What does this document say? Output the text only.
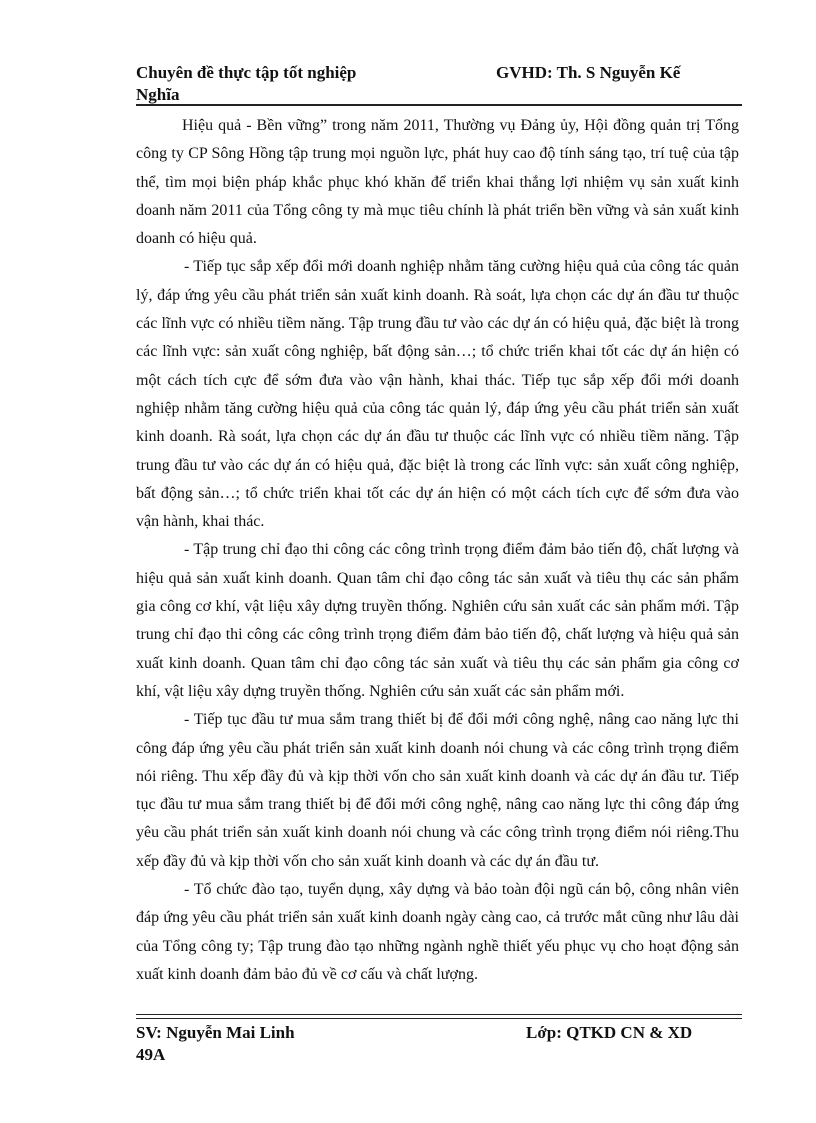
Chuyên đề thực tập tốt nghiệp	GVHD: Th. S Nguyễn Kế
Nghĩa

Hiệu quả - Bền vững” trong năm 2011, Thường vụ Đảng ủy, Hội đồng quản trị Tổng công ty CP Sông Hồng tập trung mọi nguồn lực, phát huy cao độ tính sáng tạo, trí tuệ của tập thể, tìm mọi biện pháp khắc phục khó khăn để triển khai thắng lợi nhiệm vụ sản xuất kinh doanh năm 2011 của Tổng công ty mà mục tiêu chính là phát triển bền vững và sản xuất kinh doanh có hiệu quả.

- Tiếp tục sắp xếp đổi mới doanh nghiệp nhằm tăng cường hiệu quả của công tác quản lý, đáp ứng yêu cầu phát triển sản xuất kinh doanh. Rà soát, lựa chọn các dự án đầu tư thuộc các lĩnh vực có nhiều tiềm năng. Tập trung đầu tư vào các dự án có hiệu quả, đặc biệt là trong các lĩnh vực: sản xuất công nghiệp, bất động sản…; tổ chức triển khai tốt các dự án hiện có một cách tích cực để sớm đưa vào vận hành, khai thác. Tiếp tục sắp xếp đổi mới doanh nghiệp nhằm tăng cường hiệu quả của công tác quản lý, đáp ứng yêu cầu phát triển sản xuất kinh doanh. Rà soát, lựa chọn các dự án đầu tư thuộc các lĩnh vực có nhiều tiềm năng. Tập trung đầu tư vào các dự án có hiệu quả, đặc biệt là trong các lĩnh vực: sản xuất công nghiệp, bất động sản…; tổ chức triển khai tốt các dự án hiện có một cách tích cực để sớm đưa vào vận hành, khai thác.

- Tập trung chỉ đạo thi công các công trình trọng điểm đảm bảo tiến độ, chất lượng và hiệu quả sản xuất kinh doanh. Quan tâm chỉ đạo công tác sản xuất và tiêu thụ các sản phẩm gia công cơ khí, vật liệu xây dựng truyền thống. Nghiên cứu sản xuất các sản phẩm mới. Tập trung chỉ đạo thi công các công trình trọng điểm đảm bảo tiến độ, chất lượng và hiệu quả sản xuất kinh doanh. Quan tâm chỉ đạo công tác sản xuất và tiêu thụ các sản phẩm gia công cơ khí, vật liệu xây dựng truyền thống. Nghiên cứu sản xuất các sản phẩm mới.

- Tiếp tục đầu tư mua sắm trang thiết bị để đổi mới công nghệ, nâng cao năng lực thi công đáp ứng yêu cầu phát triển sản xuất kinh doanh nói chung và các công trình trọng điểm nói riêng. Thu xếp đầy đủ và kịp thời vốn cho sản xuất kinh doanh và các dự án đầu tư. Tiếp tục đầu tư mua sắm trang thiết bị để đổi mới công nghệ, nâng cao năng lực thi công đáp ứng yêu cầu phát triển sản xuất kinh doanh nói chung và các công trình trọng điểm nói riêng.Thu xếp đầy đủ và kịp thời vốn cho sản xuất kinh doanh và các dự án đầu tư.

- Tổ chức đào tạo, tuyển dụng, xây dựng và bảo toàn đội ngũ cán bộ, công nhân viên đáp ứng yêu cầu phát triển sản xuất kinh doanh ngày càng cao, cả trước mắt cũng như lâu dài của Tổng công ty; Tập trung đào tạo những ngành nghề thiết yếu phục vụ cho hoạt động sản xuất kinh doanh đảm bảo đủ về cơ cấu và chất lượng.

SV: Nguyễn Mai Linh	Lớp: QTKD CN & XD
49A
